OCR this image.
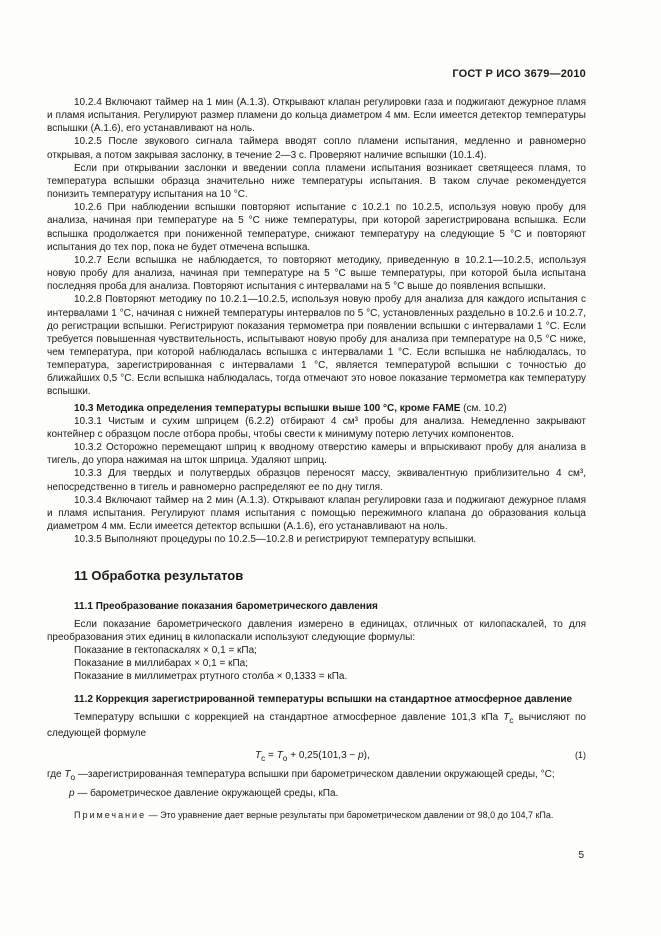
ГОСТ Р ИСО 3679—2010

10.2.4 Включают таймер на 1 мин (А.1.3). Открывают клапан регулировки газа и поджигают дежурное пламя и пламя испытания. Регулируют размер пламени до кольца диаметром 4 мм. Если имеется детектор температуры вспышки (А.1.6), его устанавливают на ноль.

10.2.5 После звукового сигнала таймера вводят сопло пламени испытания, медленно и равномерно открывая, а потом закрывая заслонку, в течение 2—3 с. Проверяют наличие вспышки (10.1.4).

Если при открывании заслонки и введении сопла пламени испытания возникает светящееся пламя, то температура вспышки образца значительно ниже температуры испытания. В таком случае рекомендуется понизить температуру испытания на 10 °С.

10.2.6 При наблюдении вспышки повторяют испытание с 10.2.1 по 10.2.5, используя новую пробу для анализа, начиная при температуре на 5 °С ниже температуры, при которой зарегистрирована вспышка. Если вспышка продолжается при пониженной температуре, снижают температуру на следующие 5 °С и повторяют испытания до тех пор, пока не будет отмечена вспышка.

10.2.7 Если вспышка не наблюдается, то повторяют методику, приведенную в 10.2.1—10.2.5, используя новую пробу для анализа, начиная при температуре на 5 °С выше температуры, при которой была испытана последняя проба для анализа. Повторяют испытания с интервалами на 5 °С выше до появления вспышки.

10.2.8 Повторяют методику по 10.2.1—10.2.5, используя новую пробу для анализа для каждого испытания с интервалами 1 °С, начиная с нижней температуры интервалов по 5 °С, установленных раздельно в 10.2.6 и 10.2.7, до регистрации вспышки. Регистрируют показания термометра при появлении вспышки с интервалами 1 °С. Если требуется повышенная чувствительность, испытывают новую пробу для анализа при температуре на 0,5 °С ниже, чем температура, при которой наблюдалась вспышка с интервалами 1 °С. Если вспышка не наблюдалась, то температура, зарегистрированная с интервалами 1 °С, является температурой вспышки с точностью до ближайших 0,5 °С. Если вспышка наблюдалась, тогда отмечают это новое показание термометра как температуру вспышки.

10.3 Методика определения температуры вспышки выше 100 °С, кроме FAME (см. 10.2)

10.3.1 Чистым и сухим шприцем (6.2.2) отбирают 4 см³ пробы для анализа. Немедленно закрывают контейнер с образцом после отбора пробы, чтобы свести к минимуму потерю летучих компонентов.

10.3.2 Осторожно перемещают шприц к вводному отверстию камеры и впрыскивают пробу для анализа в тигель, до упора нажимая на шток шприца. Удаляют шприц.

10.3.3 Для твердых и полутвердых образцов переносят массу, эквивалентную приблизительно 4 см³, непосредственно в тигель и равномерно распределяют ее по дну тигля.

10.3.4 Включают таймер на 2 мин (А.1.3). Открывают клапан регулировки газа и поджигают дежурное пламя и пламя испытания. Регулируют пламя испытания с помощью пережимного клапана до образования кольца диаметром 4 мм. Если имеется детектор вспышки (А.1.6), его устанавливают на ноль.

10.3.5 Выполняют процедуры по 10.2.5—10.2.8 и регистрируют температуру вспышки.

11 Обработка результатов

11.1 Преобразование показания барометрического давления

Если показание барометрического давления измерено в единицах, отличных от килопаскалей, то для преобразования этих единиц в килопаскали используют следующие формулы:

Показание в гектопаскалях × 0,1 = кПа;
Показание в миллибарах × 0,1 = кПа;
Показание в миллиметрах ртутного столба × 0,1333 = кПа.

11.2 Коррекция зарегистрированной температуры вспышки на стандартное атмосферное давление

Температуру вспышки с коррекцией на стандартное атмосферное давление 101,3 кПа $T_с$ вычисляют по следующей формуле

$T_с = T_о + 0,25(101,3 - p)$,	(1)
где $T_о$ — зарегистрированная температура вспышки при барометрическом давлении окружающей среды, °С;
p — барометрическое давление окружающей среды, кПа.

Примечание — Это уравнение дает верные результаты при барометрическом давлении от 98,0 до 104,7 кПа.

5
